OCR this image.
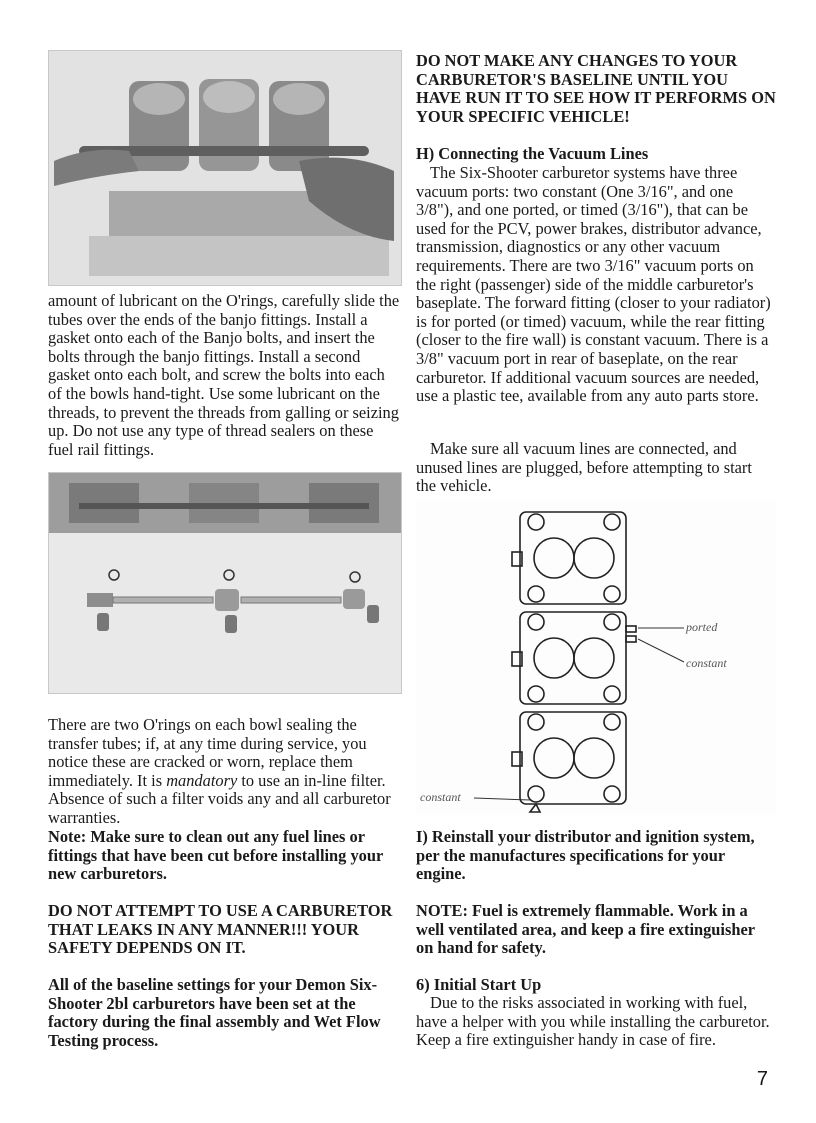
amount of lubricant on the O'rings, carefully slide the tubes over the ends of the banjo fittings. Install a gasket onto each of the Banjo bolts, and insert the bolts through the banjo fittings. Install a second gasket onto each bolt, and screw the bolts into each of the bowls hand-tight. Use some lubricant on the threads, to prevent the threads from galling or seizing up. Do not use any type of thread sealers on these fuel rail fittings.

There are two O'rings on each bowl sealing the transfer tubes; if, at any time during service, you notice these are cracked or worn, replace them immediately. It is mandatory to use an in-line filter. Absence of such a filter voids any and all carburetor warranties.

Note: Make sure to clean out any fuel lines or fittings that have been cut before installing your new carburetors.

DO NOT ATTEMPT TO USE A CARBURETOR THAT LEAKS IN ANY MANNER!!! YOUR SAFETY DEPENDS ON IT.

All of the baseline settings for your Demon Six-Shooter 2bl carburetors have been set at the factory during the final assembly and Wet Flow Testing process.

DO NOT MAKE ANY CHANGES TO YOUR CARBURETOR'S BASELINE UNTIL YOU HAVE RUN IT TO SEE HOW IT PERFORMS ON YOUR SPECIFIC VEHICLE!

H) Connecting the Vacuum Lines

The Six-Shooter carburetor systems have three vacuum ports: two constant (One 3/16", and one 3/8"), and one ported, or timed (3/16"), that can be used for the PCV, power brakes, distributor advance, transmission, diagnostics or any other vacuum requirements. There are two 3/16" vacuum ports on the right (passenger) side of the middle carburetor's baseplate. The forward fitting (closer to your radiator) is for ported (or timed) vacuum, while the rear fitting (closer to the fire wall) is constant vacuum. There is a 3/8" vacuum port in rear of baseplate, on the rear carburetor. If additional vacuum sources are needed, use a plastic tee, available from any auto parts store.

Make sure all vacuum lines are connected, and unused lines are plugged, before attempting to start the vehicle.

ported
constant
constant

I) Reinstall your distributor and ignition system, per the manufactures specifications for your engine.

NOTE: Fuel is extremely flammable. Work in a well ventilated area, and keep a fire extinguisher on hand for safety.

6) Initial Start Up

Due to the risks associated in working with fuel, have a helper with you while installing the carburetor. Keep a fire extinguisher handy in case of fire.

7
